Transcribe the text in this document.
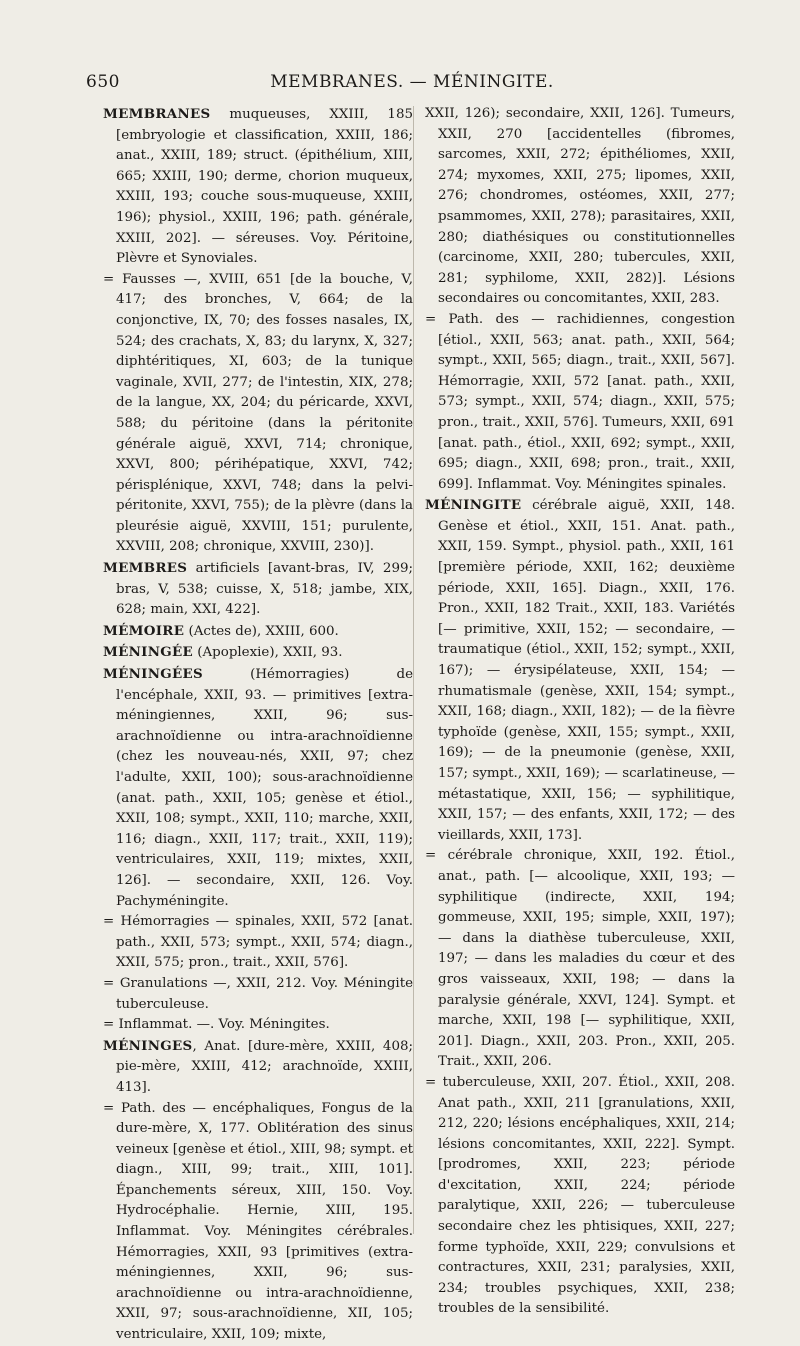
650	MEMBRANES. — MÉNINGITE.

MEMBRANES muqueuses, XXIII, 185 [embryologie et classification, XXIII, 186; anat., XXIII, 189; struct. (épithélium, XIII, 665; XXIII, 190; derme, chorion muqueux, XXIII, 193; couche sous-muqueuse, XXIII, 196); physiol., XXIII, 196; path. générale, XXIII, 202]. — séreuses. Voy. Péritoine, Plèvre et Synoviales.

= Fausses —, XVIII, 651 [de la bouche, V, 417; des bronches, V, 664; de la conjonctive, IX, 70; des fosses nasales, IX, 524; des crachats, X, 83; du larynx, X, 327; diphtéritiques, XI, 603; de la tunique vaginale, XVII, 277; de l'intestin, XIX, 278; de la langue, XX, 204; du péricarde, XXVI, 588; du péritoine (dans la péritonite générale aiguë, XXVI, 714; chronique, XXVI, 800; périhépatique, XXVI, 742; périsplénique, XXVI, 748; dans la pelvi-péritonite, XXVI, 755); de la plèvre (dans la pleurésie aiguë, XXVIII, 151; purulente, XXVIII, 208; chronique, XXVIII, 230)].

MEMBRES artificiels [avant-bras, IV, 299; bras, V, 538; cuisse, X, 518; jambe, XIX, 628; main, XXI, 422].

MÉMOIRE (Actes de), XXIII, 600.

MÉNINGÉE (Apoplexie), XXII, 93.

MÉNINGÉES (Hémorragies) de l'encéphale, XXII, 93. — primitives [extra-méningiennes, XXII, 96; sus-arachnoïdienne ou intra-arachnoïdienne (chez les nouveau-nés, XXII, 97; chez l'adulte, XXII, 100); sous-arachnoïdienne (anat. path., XXII, 105; genèse et étiol., XXII, 108; sympt., XXII, 110; marche, XXII, 116; diagn., XXII, 117; trait., XXII, 119); ventriculaires, XXII, 119; mixtes, XXII, 126]. — secondaire, XXII, 126. Voy. Pachyméningite.

= Hémorragies — spinales, XXII, 572 [anat. path., XXII, 573; sympt., XXII, 574; diagn., XXII, 575; pron., trait., XXII, 576].

= Granulations —, XXII, 212. Voy. Méningite tuberculeuse.

= Inflammat. —. Voy. Méningites.

MÉNINGES, Anat. [dure-mère, XXIII, 408; pie-mère, XXIII, 412; arachnoïde, XXIII, 413].

= Path. des — encéphaliques, Fongus de la dure-mère, X, 177. Oblitération des sinus veineux [genèse et étiol., XIII, 98; sympt. et diagn., XIII, 99; trait., XIII, 101]. Épanchements séreux, XIII, 150. Voy. Hydrocéphalie. Hernie, XIII, 195. Inflammat. Voy. Méningites cérébrales. Hémorragies, XXII, 93 [primitives (extra-méningiennes, XXII, 96; sus-arachnoïdienne ou intra-arachnoïdienne, XXII, 97; sous-arachnoïdienne, XII, 105; ventriculaire, XXII, 109; mixte,

XXII, 126); secondaire, XXII, 126]. Tumeurs, XXII, 270 [accidentelles (fibromes, sarcomes, XXII, 272; épithéliomes, XXII, 274; myxomes, XXII, 275; lipomes, XXII, 276; chondromes, ostéomes, XXII, 277; psammomes, XXII, 278); parasitaires, XXII, 280; diathésiques ou constitutionnelles (carcinome, XXII, 280; tubercules, XXII, 281; syphilome, XXII, 282)]. Lésions secondaires ou concomitantes, XXII, 283.

= Path. des — rachidiennes, congestion [étiol., XXII, 563; anat. path., XXII, 564; sympt., XXII, 565; diagn., trait., XXII, 567]. Hémorragie, XXII, 572 [anat. path., XXII, 573; sympt., XXII, 574; diagn., XXII, 575; pron., trait., XXII, 576]. Tumeurs, XXII, 691 [anat. path., étiol., XXII, 692; sympt., XXII, 695; diagn., XXII, 698; pron., trait., XXII, 699]. Inflammat. Voy. Méningites spinales.

MÉNINGITE cérébrale aiguë, XXII, 148. Genèse et étiol., XXII, 151. Anat. path., XXII, 159. Sympt., physiol. path., XXII, 161 [première période, XXII, 162; deuxième période, XXII, 165]. Diagn., XXII, 176. Pron., XXII, 182 Trait., XXII, 183. Variétés [— primitive, XXII, 152; — secondaire, — traumatique (étiol., XXII, 152; sympt., XXII, 167); — érysipélateuse, XXII, 154; — rhumatismale (genèse, XXII, 154; sympt., XXII, 168; diagn., XXII, 182); — de la fièvre typhoïde (genèse, XXII, 155; sympt., XXII, 169); — de la pneumonie (genèse, XXII, 157; sympt., XXII, 169); — scarlatineuse, — métastatique, XXII, 156; — syphilitique, XXII, 157; — des enfants, XXII, 172; — des vieillards, XXII, 173].

= cérébrale chronique, XXII, 192. Étiol., anat., path. [— alcoolique, XXII, 193; — syphilitique (indirecte, XXII, 194; gommeuse, XXII, 195; simple, XXII, 197); — dans la diathèse tuberculeuse, XXII, 197; — dans les maladies du cœur et des gros vaisseaux, XXII, 198; — dans la paralysie générale, XXVI, 124]. Sympt. et marche, XXII, 198 [— syphilitique, XXII, 201]. Diagn., XXII, 203. Pron., XXII, 205. Trait., XXII, 206.

= tuberculeuse, XXII, 207. Étiol., XXII, 208. Anat path., XXII, 211 [granulations, XXII, 212, 220; lésions encéphaliques, XXII, 214; lésions concomitantes, XXII, 222]. Sympt. [prodromes, XXII, 223; période d'excitation, XXII, 224; période paralytique, XXII, 226; — tuberculeuse secondaire chez les phtisiques, XXII, 227; forme typhoïde, XXII, 229; convulsions et contractures, XXII, 231; paralysies, XXII, 234; troubles psychiques, XXII, 238; troubles de la sensibilité.
